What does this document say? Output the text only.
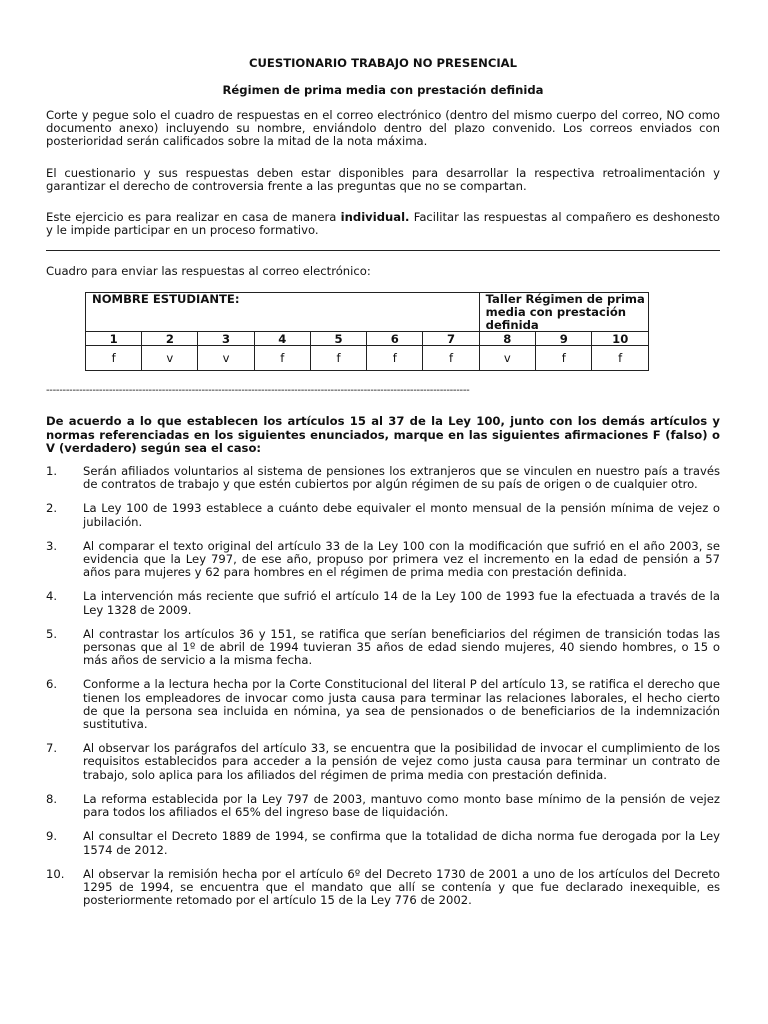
CUESTIONARIO TRABAJO NO PRESENCIAL
Régimen de prima media con prestación definida

Corte y pegue solo el cuadro de respuestas en el correo electrónico (dentro del mismo cuerpo del correo, NO como documento anexo) incluyendo su nombre, enviándolo dentro del plazo convenido. Los correos enviados con posterioridad serán calificados sobre la mitad de la nota máxima.

El cuestionario y sus respuestas deben estar disponibles para desarrollar la respectiva retroalimentación y garantizar el derecho de controversia frente a las preguntas que no se compartan.

Este ejercicio es para realizar en casa de manera individual. Facilitar las respuestas al compañero es deshonesto y le impide participar en un proceso formativo.

Cuadro para enviar las respuestas al correo electrónico:
NOMBRE ESTUDIANTE:							Taller Régimen de prima media con prestación definida		
1	2	3	4	5	6	7	8	9	10
f	v	v	f	f	f	f	v	f	f
--------------------------------------------------------------------------------------------------------------------------------
De acuerdo a lo que establecen los artículos 15 al 37 de la Ley 100, junto con los demás artículos y normas referenciadas en los siguientes enunciados, marque en las siguientes afirmaciones F (falso) o V (verdadero) según sea el caso:
1.	Serán afiliados voluntarios al sistema de pensiones los extranjeros que se vinculen en nuestro país a través de contratos de trabajo y que estén cubiertos por algún régimen de su país de origen o de cualquier otro.
2.	La Ley 100 de 1993 establece a cuánto debe equivaler el monto mensual de la pensión mínima de vejez o jubilación.
3.	Al comparar el texto original del artículo 33 de la Ley 100 con la modificación que sufrió en el año 2003, se evidencia que la Ley 797, de ese año, propuso por primera vez el incremento en la edad de pensión a 57 años para mujeres y 62 para hombres en el régimen de prima media con prestación definida.
4.	La intervención más reciente que sufrió el artículo 14 de la Ley 100 de 1993 fue la efectuada a través de la Ley 1328 de 2009.
5.	Al contrastar los artículos 36 y 151, se ratifica que serían beneficiarios del régimen de transición todas las personas que al 1º de abril de 1994 tuvieran 35 años de edad siendo mujeres, 40 siendo hombres, o 15 o más años de servicio a la misma fecha.
6.	Conforme a la lectura hecha por la Corte Constitucional del literal P del artículo 13, se ratifica el derecho que tienen los empleadores de invocar como justa causa para terminar las relaciones laborales, el hecho cierto de que la persona sea incluida en nómina, ya sea de pensionados o de beneficiarios de la indemnización sustitutiva.
7.	Al observar los parágrafos del artículo 33, se encuentra que la posibilidad de invocar el cumplimiento de los requisitos establecidos para acceder a la pensión de vejez como justa causa para terminar un contrato de trabajo, solo aplica para los afiliados del régimen de prima media con prestación definida.
8.	La reforma establecida por la Ley 797 de 2003, mantuvo como monto base mínimo de la pensión de vejez para todos los afiliados el 65% del ingreso base de liquidación.
9.	Al consultar el Decreto 1889 de 1994, se confirma que la totalidad de dicha norma fue derogada por la Ley 1574 de 2012.
10.	Al observar la remisión hecha por el artículo 6º del Decreto 1730 de 2001 a uno de los artículos del Decreto 1295 de 1994, se encuentra que el mandato que allí se contenía y que fue declarado inexequible, es posteriormente retomado por el artículo 15 de la Ley 776 de 2002.
